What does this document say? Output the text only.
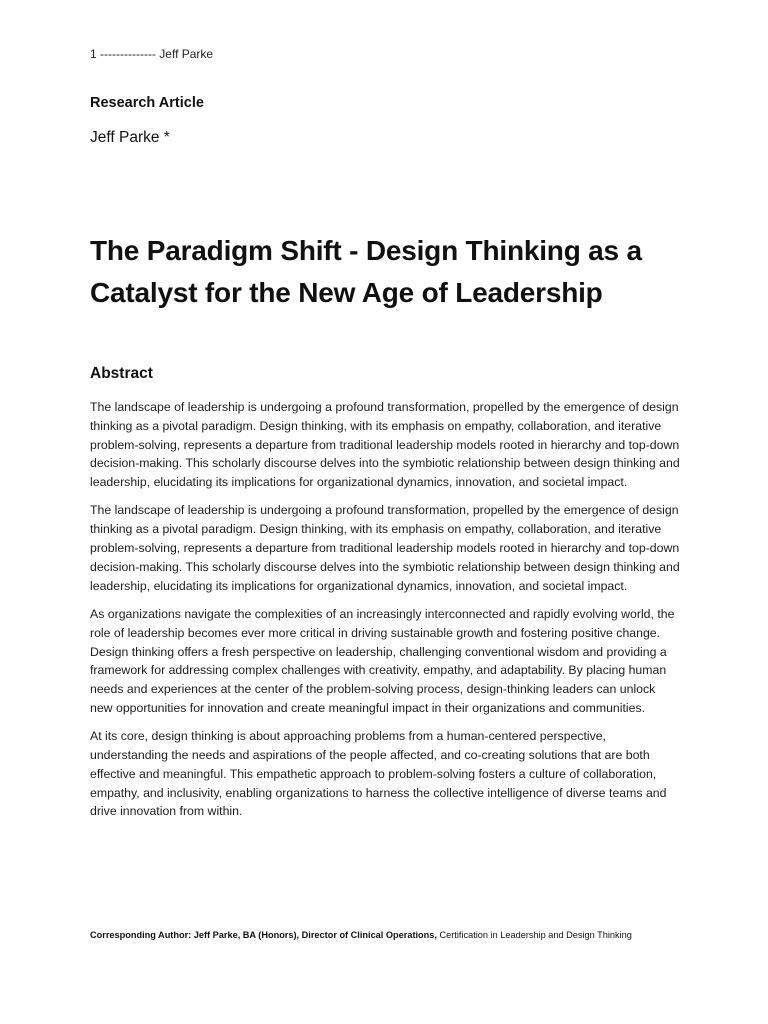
1 -------------- Jeff Parke
Research Article
Jeff Parke *
The Paradigm Shift - Design Thinking as a Catalyst for the New Age of Leadership
Abstract

The landscape of leadership is undergoing a profound transformation, propelled by the emergence of design thinking as a pivotal paradigm. Design thinking, with its emphasis on empathy, collaboration, and iterative problem-solving, represents a departure from traditional leadership models rooted in hierarchy and top-down decision-making. This scholarly discourse delves into the symbiotic relationship between design thinking and leadership, elucidating its implications for organizational dynamics, innovation, and societal impact.

The landscape of leadership is undergoing a profound transformation, propelled by the emergence of design thinking as a pivotal paradigm. Design thinking, with its emphasis on empathy, collaboration, and iterative problem-solving, represents a departure from traditional leadership models rooted in hierarchy and top-down decision-making. This scholarly discourse delves into the symbiotic relationship between design thinking and leadership, elucidating its implications for organizational dynamics, innovation, and societal impact.

As organizations navigate the complexities of an increasingly interconnected and rapidly evolving world, the role of leadership becomes ever more critical in driving sustainable growth and fostering positive change. Design thinking offers a fresh perspective on leadership, challenging conventional wisdom and providing a framework for addressing complex challenges with creativity, empathy, and adaptability. By placing human needs and experiences at the center of the problem-solving process, design-thinking leaders can unlock new opportunities for innovation and create meaningful impact in their organizations and communities.

At its core, design thinking is about approaching problems from a human-centered perspective, understanding the needs and aspirations of the people affected, and co-creating solutions that are both effective and meaningful. This empathetic approach to problem-solving fosters a culture of collaboration, empathy, and inclusivity, enabling organizations to harness the collective intelligence of diverse teams and drive innovation from within.

Corresponding Author: Jeff Parke, BA (Honors), Director of Clinical Operations, Certification in Leadership and Design Thinking
